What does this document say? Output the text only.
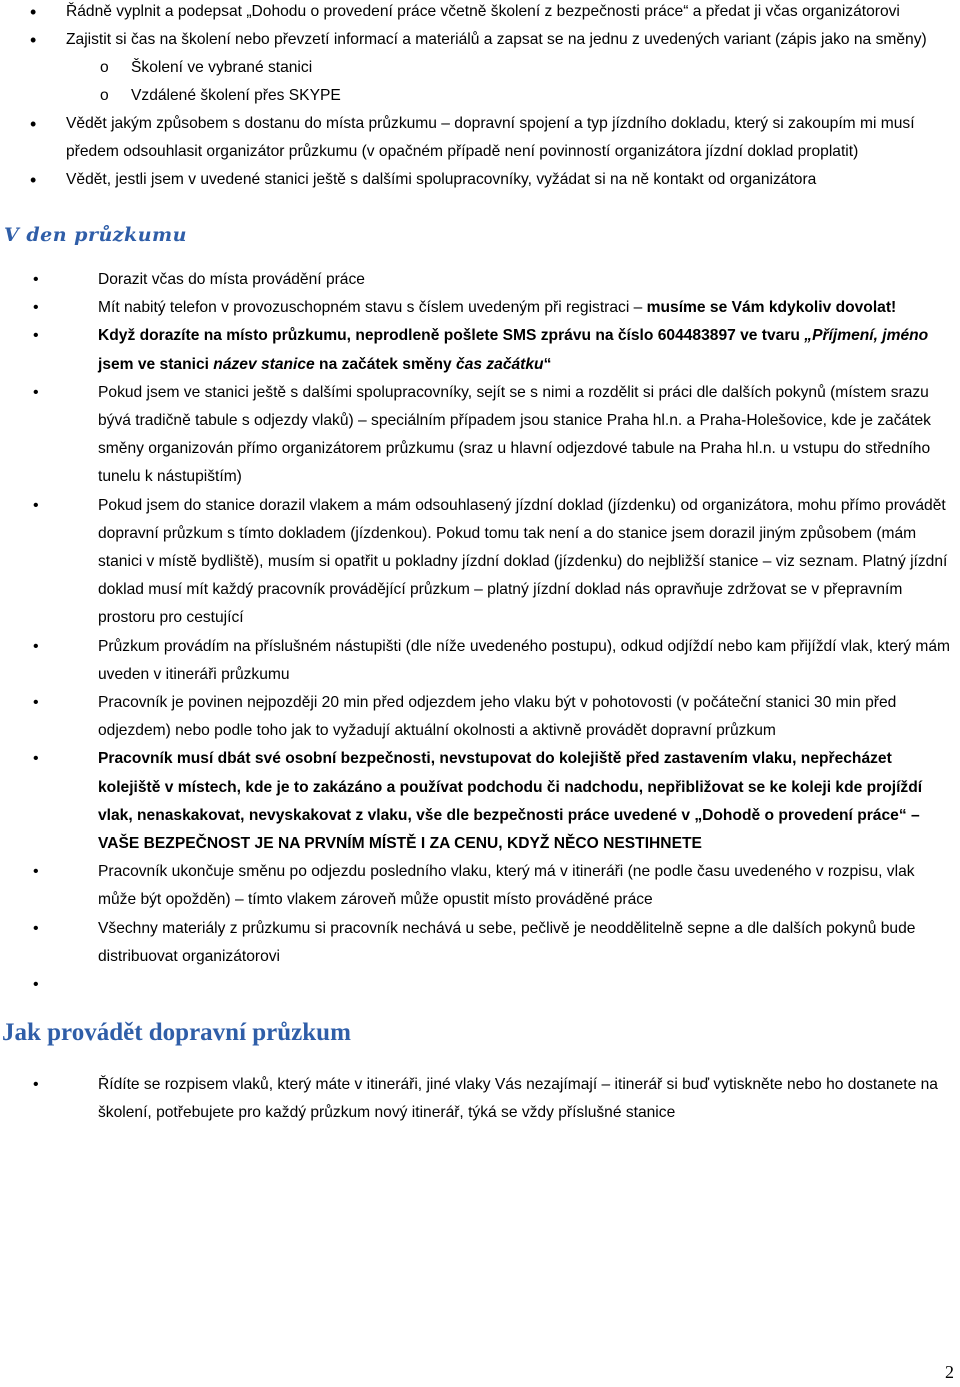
• Řádně vyplnit a podepsat „Dohodu o provedení práce včetně školení z bezpečnosti práce“ a předat ji včas organizátorovi
• Zajistit si čas na školení nebo převzetí informací a materiálů a zapsat se na jednu z uvedených variant (zápis jako na směny)
o Školení ve vybrané stanici
o Vzdálené školení přes SKYPE
• Vědět jakým způsobem s dostanu do místa průzkumu – dopravní spojení a typ jízdního dokladu, který si zakoupím mi musí předem odsouhlasit organizátor průzkumu (v opačném případě není povinností organizátora jízdní doklad proplatit)
• Vědět, jestli jsem v uvedené stanici ještě s dalšími spolupracovníky, vyžádat si na ně kontakt od organizátora
V den průzkumu
• Dorazit včas do místa provádění práce
• Mít nabitý telefon v provozuschopném stavu s číslem uvedeným při registraci – musíme se Vám kdykoliv dovolat!
• Když dorazíte na místo průzkumu, neprodleně pošlete SMS zprávu na číslo 604483897 ve tvaru „Příjmení, jméno jsem ve stanici název stanice na začátek směny čas začátku“
• Pokud jsem ve stanici ještě s dalšími spolupracovníky, sejít se s nimi a rozdělit si práci dle dalších pokynů (místem srazu bývá tradičně tabule s odjezdy vlaků) – speciálním případem jsou stanice Praha hl.n. a Praha-Holešovice, kde je začátek směny organizován přímo organizátorem průzkumu (sraz u hlavní odjezdové tabule na Praha hl.n. u vstupu do středního tunelu k nástupištím)
• Pokud jsem do stanice dorazil vlakem a mám odsouhlasený jízdní doklad (jízdenku) od organizátora, mohu přímo provádět dopravní průzkum s tímto dokladem (jízdenkou). Pokud tomu tak není a do stanice jsem dorazil jiným způsobem (mám stanici v místě bydliště), musím si opatřit u pokladny jízdní doklad (jízdenku) do nejbližší stanice – viz seznam. Platný jízdní doklad musí mít každý pracovník provádějící průzkum – platný jízdní doklad nás opravňuje zdržovat se v přepravním prostoru pro cestující
• Průzkum provádím na příslušném nástupišti (dle níže uvedeného postupu), odkud odjíždí nebo kam přijíždí vlak, který mám uveden v itineráři průzkumu
• Pracovník je povinen nejpozději 20 min před odjezdem jeho vlaku být v pohotovosti (v počáteční stanici 30 min před odjezdem) nebo podle toho jak to vyžadují aktuální okolnosti a aktivně provádět dopravní průzkum
• Pracovník musí dbát své osobní bezpečnosti, nevstupovat do kolejiště před zastavením vlaku, nepřecházet kolejiště v místech, kde je to zakázáno a používat podchodu či nadchodu, nepřibližovat se ke koleji kde projíždí vlak, nenaskakovat, nevyskakovat z vlaku, vše dle bezpečnosti práce uvedené v „Dohodě o provedení práce“ – VAŠE BEZPEČNOST JE NA PRVNÍM MÍSTĚ I ZA CENU, KDYŽ NĚCO NESTIHNETE
• Pracovník ukončuje směnu po odjezdu posledního vlaku, který má v itineráři (ne podle času uvedeného v rozpisu, vlak může být opožděn) – tímto vlakem zároveň může opustit místo prováděné práce
• Všechny materiály z průzkumu si pracovník nechává u sebe, pečlivě je neoddělitelně sepne a dle dalších pokynů bude distribuovat organizátorovi
•
Jak provádět dopravní průzkum
• Řídíte se rozpisem vlaků, který máte v itineráři, jiné vlaky Vás nezajímají – itinerář si buď vytiskněte nebo ho dostanete na školení, potřebujete pro každý průzkum nový itinerář, týká se vždy příslušné stanice
2
